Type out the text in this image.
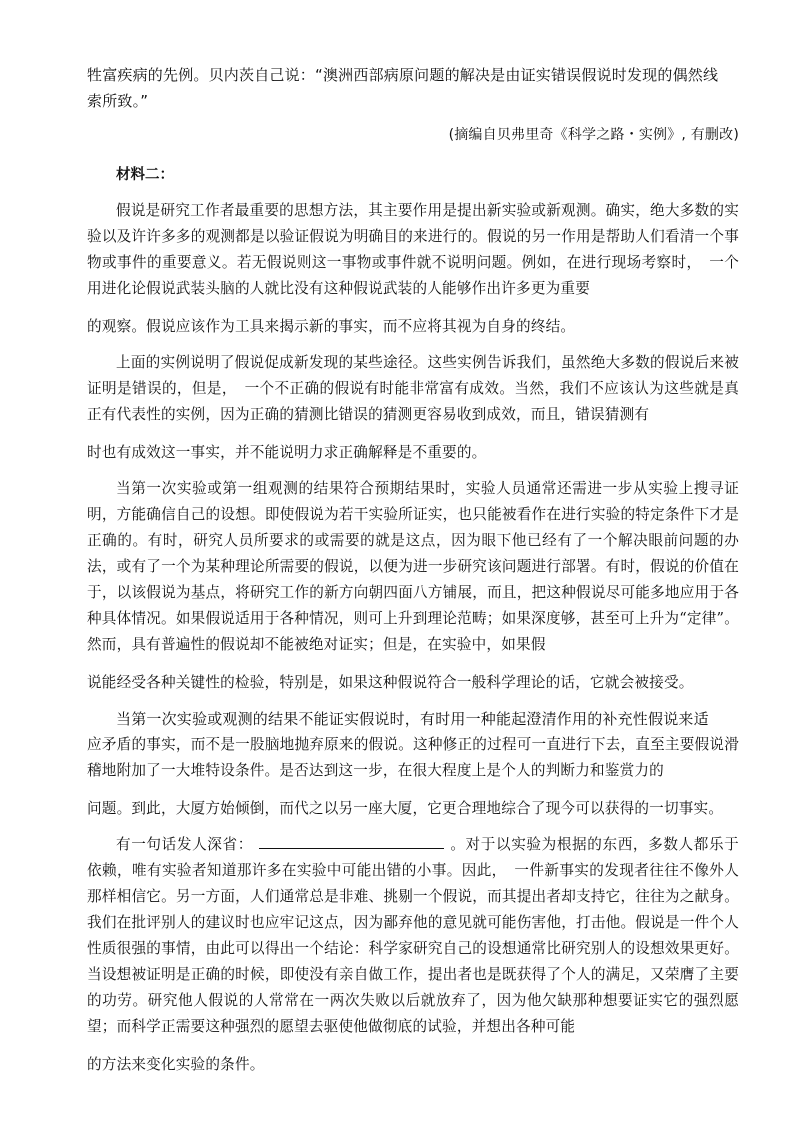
牲富疾病的先例。贝内茨自己说：“澳洲西部病原问题的解决是由证实错误假说时发现的偶然线
索所致。”

(摘编自贝弗里奇《科学之路・实例》, 有删改)

材料二：

假说是研究工作者最重要的思想方法，其主要作用是提出新实验或新观测。确实，绝大多数的实验以及许许多多的观测都是以验证假说为明确目的来进行的。假说的另一作用是帮助人们看清一个事物或事件的重要意义。若无假说则这一事物或事件就不说明问题。例如，在进行现场考察时，　一个用进化论假说武装头脑的人就比没有这种假说武装的人能够作出许多更为重要

的观察。假说应该作为工具来揭示新的事实，而不应将其视为自身的终结。

上面的实例说明了假说促成新发现的某些途径。这些实例告诉我们，虽然绝大多数的假说后来被证明是错误的，但是，　一个不正确的假说有时能非常富有成效。当然，我们不应该认为这些就是真正有代表性的实例，因为正确的猜测比错误的猜测更容易收到成效，而且，错误猜测有

时也有成效这一事实，并不能说明力求正确解释是不重要的。

当第一次实验或第一组观测的结果符合预期结果时，实验人员通常还需进一步从实验上搜寻证明，方能确信自己的设想。即使假说为若干实验所证实，也只能被看作在进行实验的特定条件下才是正确的。有时，研究人员所要求的或需要的就是这点，因为眼下他已经有了一个解决眼前问题的办法，或有了一个为某种理论所需要的假说，以便为进一步研究该问题进行部署。有时，假说的价值在于，以该假说为基点，将研究工作的新方向朝四面八方铺展，而且，把这种假说尽可能多地应用于各种具体情况。如果假说适用于各种情况，则可上升到理论范畴；如果深度够，甚至可上升为“定律”。然而，具有普遍性的假说却不能被绝对证实；但是，在实验中，如果假

说能经受各种关键性的检验，特别是，如果这种假说符合一般科学理论的话，它就会被接受。

当第一次实验或观测的结果不能证实假说时，有时用一种能起澄清作用的补充性假说来适

应矛盾的事实，而不是一股脑地抛弃原来的假说。这种修正的过程可一直进行下去，直至主要假说滑稽地附加了一大堆特设条件。是否达到这一步，在很大程度上是个人的判断力和鉴赏力的

问题。到此，大厦方始倾倒，而代之以另一座大厦，它更合理地综合了现今可以获得的一切事实。

有一句话发人深省：	。对于以实验为根据的东西，多数人都乐于依赖，唯有实验者知道那许多在实验中可能出错的小事。因此，　一件新事实的发现者往往不像外人那样相信它。另一方面，人们通常总是非难、挑剔一个假说，而其提出者却支持它，往往为之献身。我们在批评别人的建议时也应牢记这点，因为鄙弃他的意见就可能伤害他，打击他。假说是一件个人性质很强的事情，由此可以得出一个结论：科学家研究自己的设想通常比研究别人的设想效果更好。当设想被证明是正确的时候，即使没有亲自做工作，提出者也是既获得了个人的满足，又荣膺了主要的功劳。研究他人假说的人常常在一两次失败以后就放弃了，因为他欠缺那种想要证实它的强烈愿望；而科学正需要这种强烈的愿望去驱使他做彻底的试验，并想出各种可能

的方法来变化实验的条件。
